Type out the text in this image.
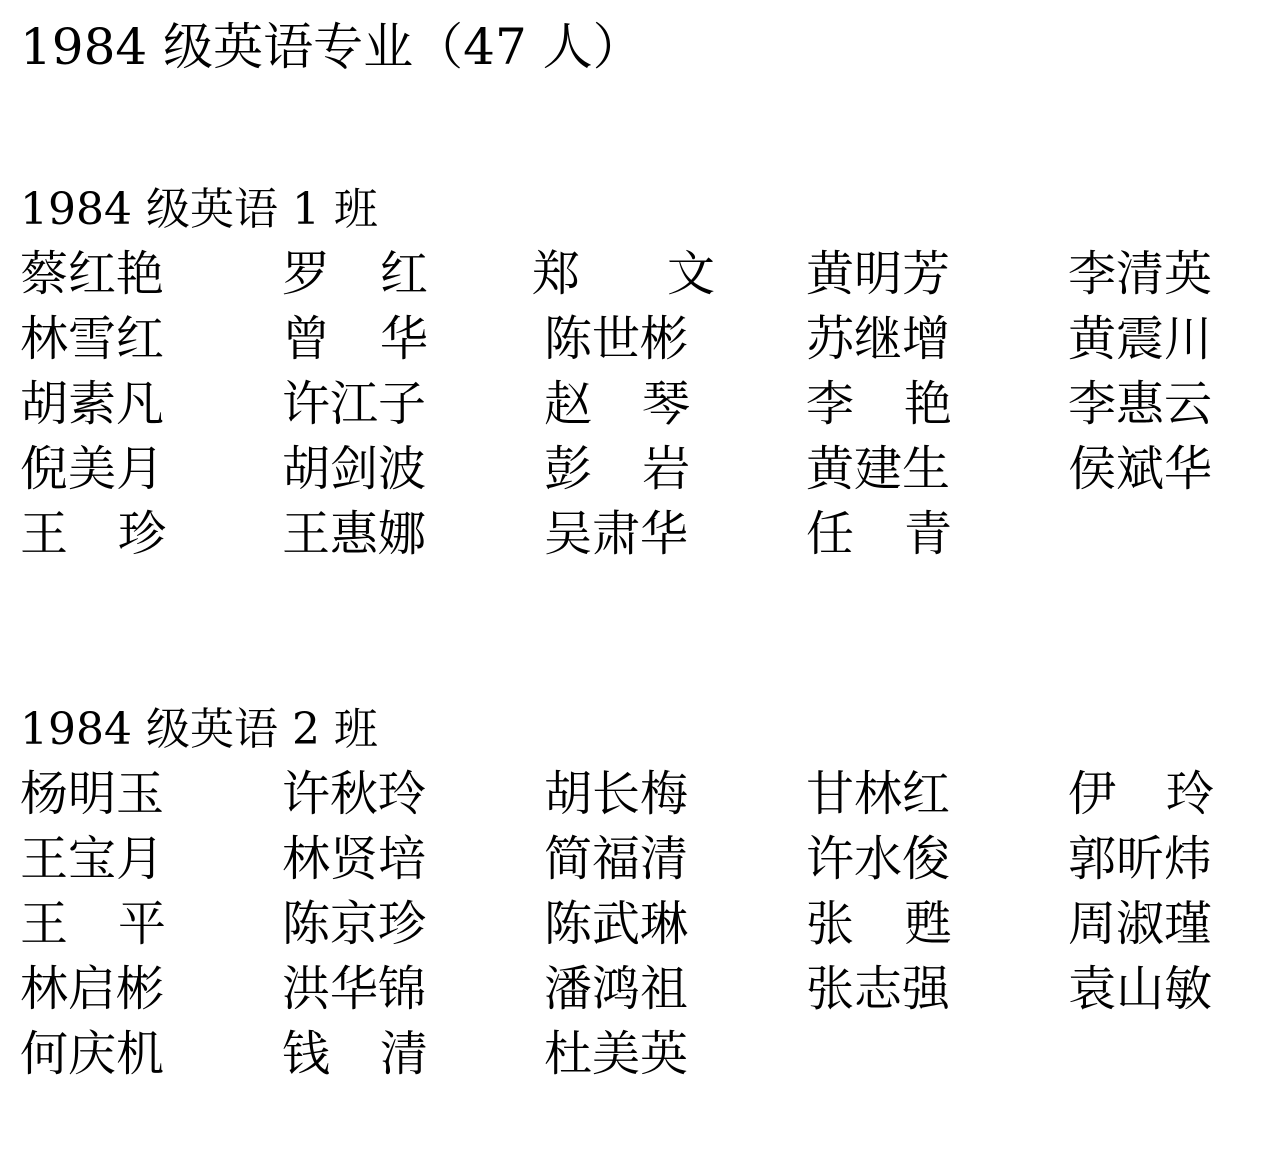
1984 级英语专业（47 人）
1984 级英语 1 班
蔡红艳 罗 红 郑 文 黄明芳 李清英
林雪红 曾 华 陈世彬 苏继增 黄震川
胡素凡 许江子 赵 琴 李 艳 李惠云
倪美月 胡剑波 彭 岩 黄建生 侯斌华
王 珍 王惠娜 吴肃华 任 青
1984 级英语 2 班
杨明玉 许秋玲 胡长梅 甘林红 伊 玲
王宝月 林贤培 简福清 许水俊 郭昕炜
王 平 陈京珍 陈武琳 张 甦 周淑瑾
林启彬 洪华锦 潘鸿祖 张志强 袁山敏
何庆机 钱 清 杜美英
